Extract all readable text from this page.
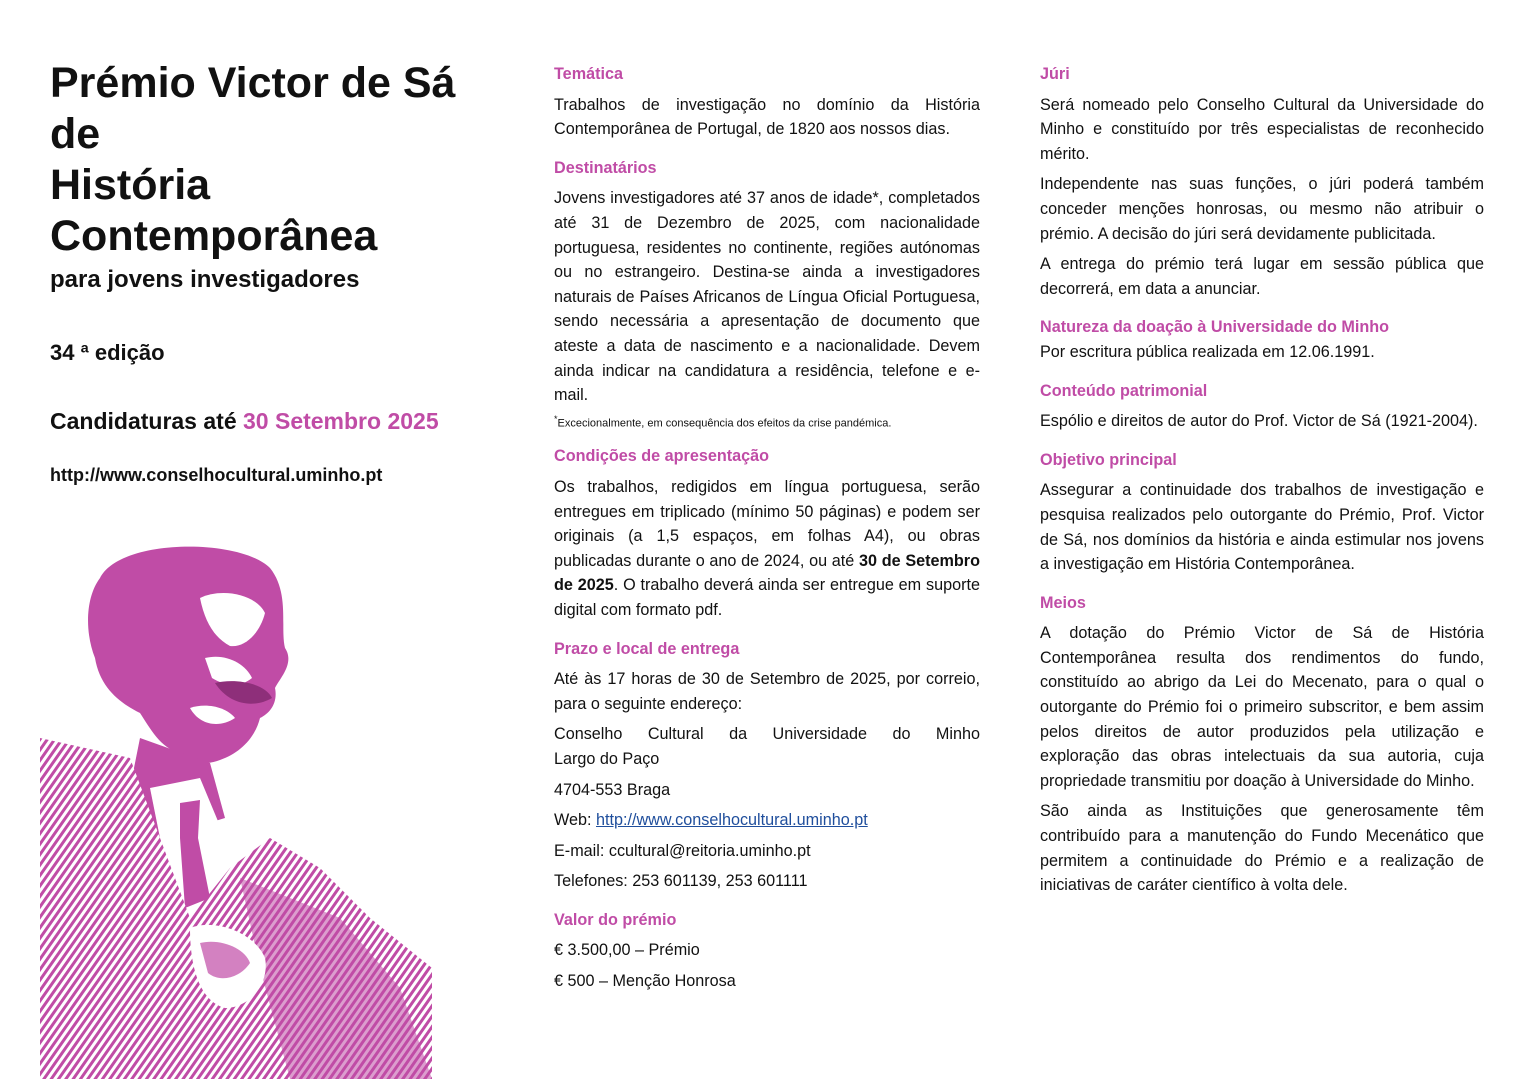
Prémio Victor de Sá
de
História
Contemporânea
para jovens investigadores
34 ª edição
Candidaturas até 30 Setembro 2025
http://www.conselhocultural.uminho.pt
Temática

Trabalhos de investigação no domínio da História Contemporânea de Portugal, de 1820 aos nossos dias.

Destinatários

Jovens investigadores até 37 anos de idade*, completados até 31 de Dezembro de 2025, com nacionalidade portuguesa, residentes no continente, regiões autónomas ou no estrangeiro. Destina-se ainda a investigadores naturais de Países Africanos de Língua Oficial Portuguesa, sendo necessária a apresentação de documento que ateste a data de nascimento e a nacionalidade. Devem ainda indicar na candidatura a residência, telefone e e-mail.

*Excecionalmente, em consequência dos efeitos da crise pandémica.
Condições de apresentação

Os trabalhos, redigidos em língua portuguesa, serão entregues em triplicado (mínimo 50 páginas) e podem ser originais (a 1,5 espaços, em folhas A4), ou obras publicadas durante o ano de 2024, ou até 30 de Setembro de 2025. O trabalho deverá ainda ser entregue em suporte digital com formato pdf.

Prazo e local de entrega

Até às 17 horas de 30 de Setembro de 2025, por correio, para o seguinte endereço:

Conselho Cultural da Universidade do Minho

Largo do Paço

4704-553 Braga

Web: http://www.conselhocultural.uminho.pt

E-mail: ccultural@reitoria.uminho.pt

Telefones: 253 601139, 253 601111

Valor do prémio

€ 3.500,00 – Prémio

€ 500 – Menção Honrosa

Júri

Será nomeado pelo Conselho Cultural da Universidade do Minho e constituído por três especialistas de reconhecido mérito.

Independente nas suas funções, o júri poderá também conceder menções honrosas, ou mesmo não atribuir o prémio. A decisão do júri será devidamente publicitada.

A entrega do prémio terá lugar em sessão pública que decorrerá, em data a anunciar.

Natureza da doação à Universidade do Minho

Por escritura pública realizada em 12.06.1991.

Conteúdo patrimonial

Espólio e direitos de autor do Prof. Victor de Sá (1921-2004).

Objetivo principal

Assegurar a continuidade dos trabalhos de investigação e pesquisa realizados pelo outorgante do Prémio, Prof. Victor de Sá, nos domínios da história e ainda estimular nos jovens a investigação em História Contemporânea.

Meios

A dotação do Prémio Victor de Sá de História Contemporânea resulta dos rendimentos do fundo, constituído ao abrigo da Lei do Mecenato, para o qual o outorgante do Prémio foi o primeiro subscritor, e bem assim pelos direitos de autor produzidos pela utilização e exploração das obras intelectuais da sua autoria, cuja propriedade transmitiu por doação à Universidade do Minho.

São ainda as Instituições que generosamente têm contribuído para a manutenção do Fundo Mecenático que permitem a continuidade do Prémio e a realização de iniciativas de caráter científico à volta dele.
